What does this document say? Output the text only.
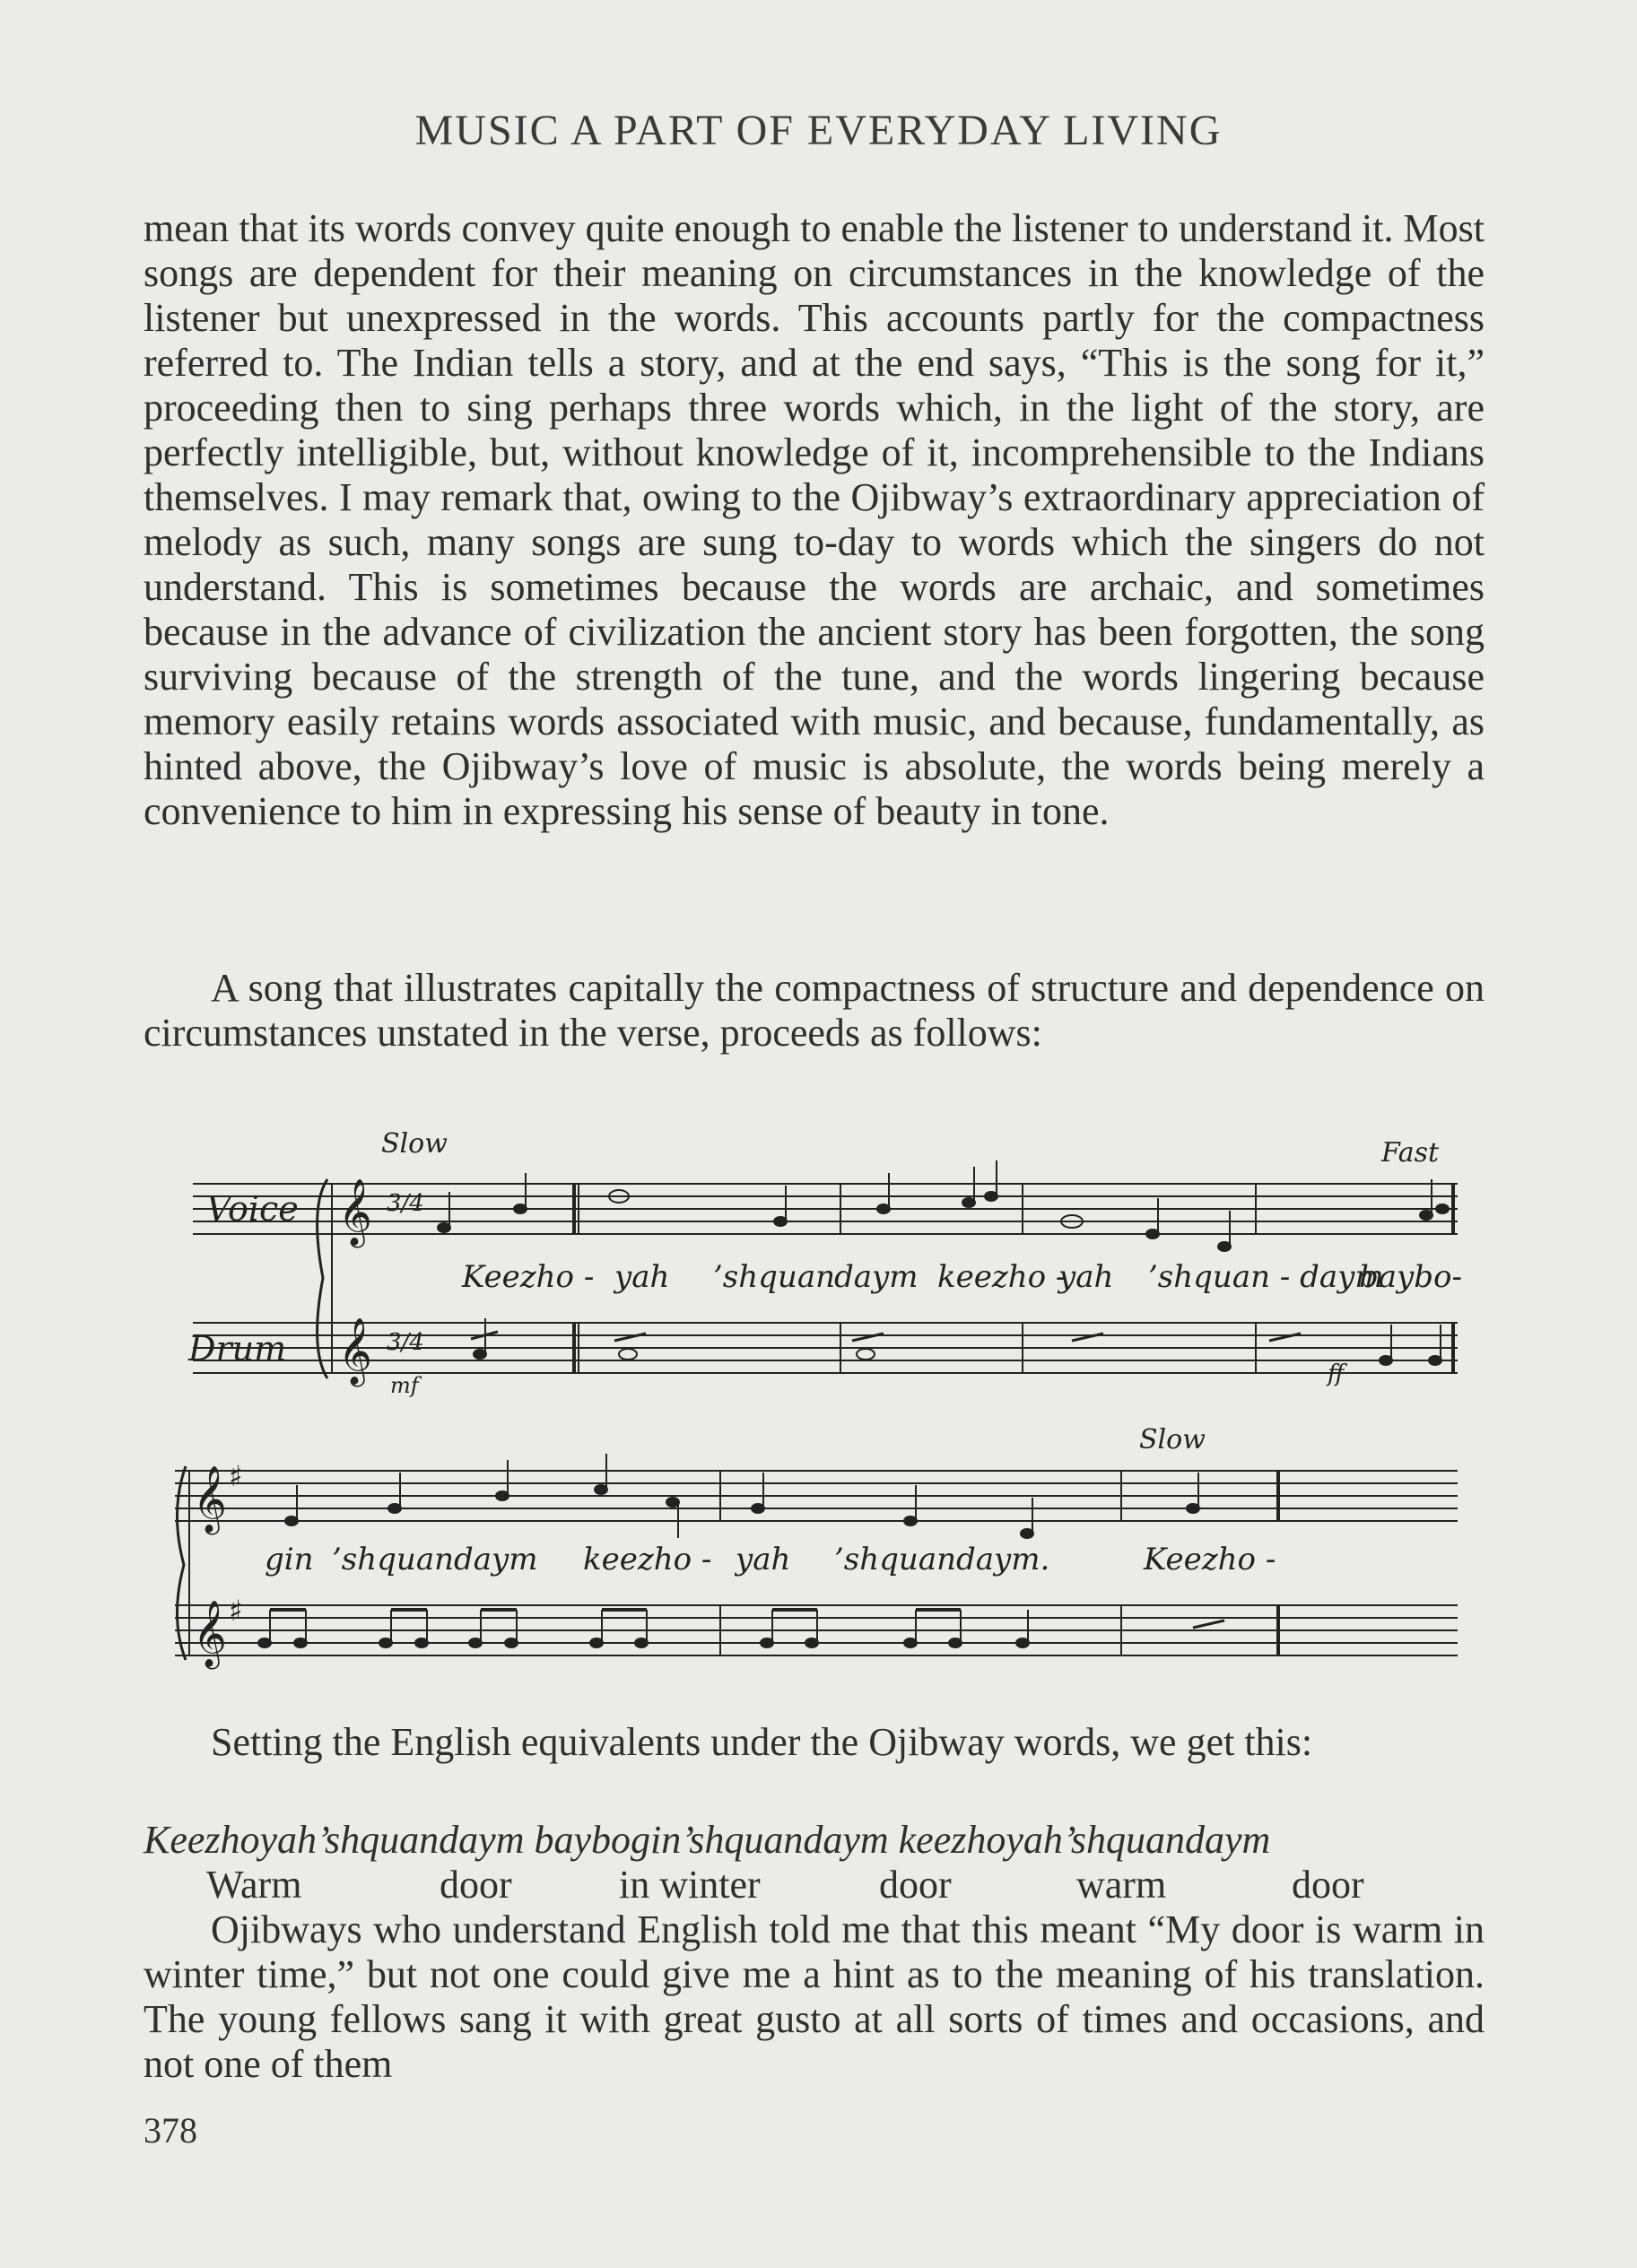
MUSIC A PART OF EVERYDAY LIVING

mean that its words convey quite enough to enable the listener to understand it. Most songs are dependent for their meaning on circumstances in the knowledge of the listener but unexpressed in the words. This accounts partly for the compactness referred to. The Indian tells a story, and at the end says, “This is the song for it,” proceeding then to sing perhaps three words which, in the light of the story, are perfectly intelligible, but, without knowledge of it, incomprehensible to the Indians themselves. I may remark that, owing to the Ojibway’s extraordinary appreciation of melody as such, many songs are sung to-day to words which the singers do not understand. This is sometimes because the words are archaic, and sometimes because in the advance of civilization the ancient story has been forgotten, the song surviving because of the strength of the tune, and the words lingering because memory easily retains words associated with music, and because, fundamentally, as hinted above, the Ojibway’s love of music is absolute, the words being merely a convenience to him in expressing his sense of beauty in tone.

A song that illustrates capitally the compactness of structure and dependence on circumstances unstated in the verse, proceeds as follows:

𝄞
𝄞
𝄞
𝄞
♯
♯
Slow	Fast
Slow
Voice
Drum
mf	ff
3/4
3/4
Keezho - yah ’shquan daym keezho -
yah ’shquan - daym
baybo-
gin ’shquandaym keezho - yah ’shquandaym.	Keezho -

Setting the English equivalents under the Ojibway words, we get this:

Keezhoyah’shquandaym baybogin’shquandaym keezhoyah’shquandaym
Warm	door	in winter	door	warm	door

Ojibways who understand English told me that this meant “My door is warm in winter time,” but not one could give me a hint as to the meaning of his translation. The young fellows sang it with great gusto at all sorts of times and occasions, and not one of them

378
